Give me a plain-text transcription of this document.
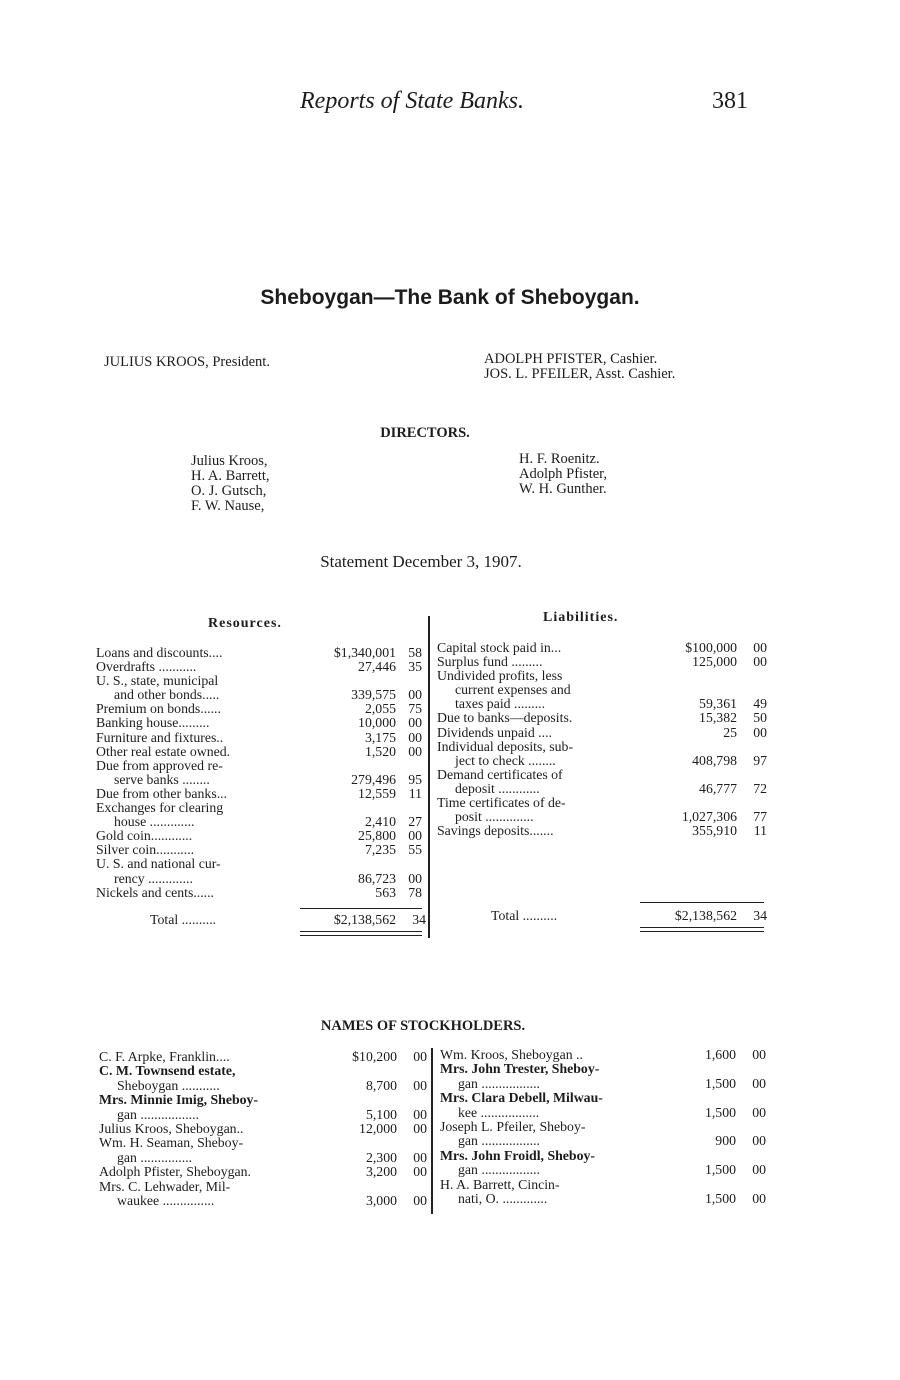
Reports of State Banks.	381
Sheboygan—The Bank of Sheboygan.
JULIUS KROOS, President.	ADOLPH PFISTER, Cashier.
JOS. L. PFEILER, Asst. Cashier.
DIRECTORS.
Julius Kroos,
H. A. Barrett,
O. J. Gutsch,
F. W. Nause,
H. F. Roenitz.
Adolph Pfister,
W. H. Gunther.
Statement December 3, 1907.
Resources.	Liabilities.
Loans and discounts....	$1,340,001 58
Overdrafts ...........	27,446 35
U. S., state, municipal
and other bonds.....	339,575 00
Premium on bonds......	2,055 75
Banking house.........	10,000 00
Furniture and fixtures..	3,175 00
Other real estate owned.	1,520 00
Due from approved re-
serve banks ........	279,496 95
Due from other banks...	12,559 11
Exchanges for clearing
house .............	2,410 27
Gold coin............	25,800 00
Silver coin...........	7,235 55
U. S. and national cur-
rency .............	86,723 00
Nickels and cents......	563 78
Capital stock paid in...	$100,000 00
Surplus fund .........	125,000 00
Undivided profits, less
current expenses and
taxes paid .........	59,361 49
Due to banks—deposits.	15,382 50
Dividends unpaid ....	25 00
Individual deposits, sub-
ject to check ........	408,798 97
Demand certificates of
deposit ............	46,777 72
Time certificates of de-
posit ..............	1,027,306 77
Savings deposits.......	355,910 11
Total ..........	$2,138,562 34	Total ..........	$2,138,562 34
NAMES OF STOCKHOLDERS.
C. F. Arpke, Franklin....	$10,200 00
C. M. Townsend estate,
Sheboygan ...........	8,700 00
Mrs. Minnie Imig, Sheboy-
gan .................	5,100 00
Julius Kroos, Sheboygan..	12,000 00
Wm. H. Seaman, Sheboy-
gan ...............	2,300 00
Adolph Pfister, Sheboygan.	3,200 00
Mrs. C. Lehwader, Mil-
waukee ...............	3,000 00
Wm. Kroos, Sheboygan ..	1,600 00
Mrs. John Trester, Sheboy-
gan .................	1,500 00
Mrs. Clara Debell, Milwau-
kee .................	1,500 00
Joseph L. Pfeiler, Sheboy-
gan .................	900 00
Mrs. John Froidl, Sheboy-
gan .................	1,500 00
H. A. Barrett, Cincin-
nati, O. .............	1,500 00
